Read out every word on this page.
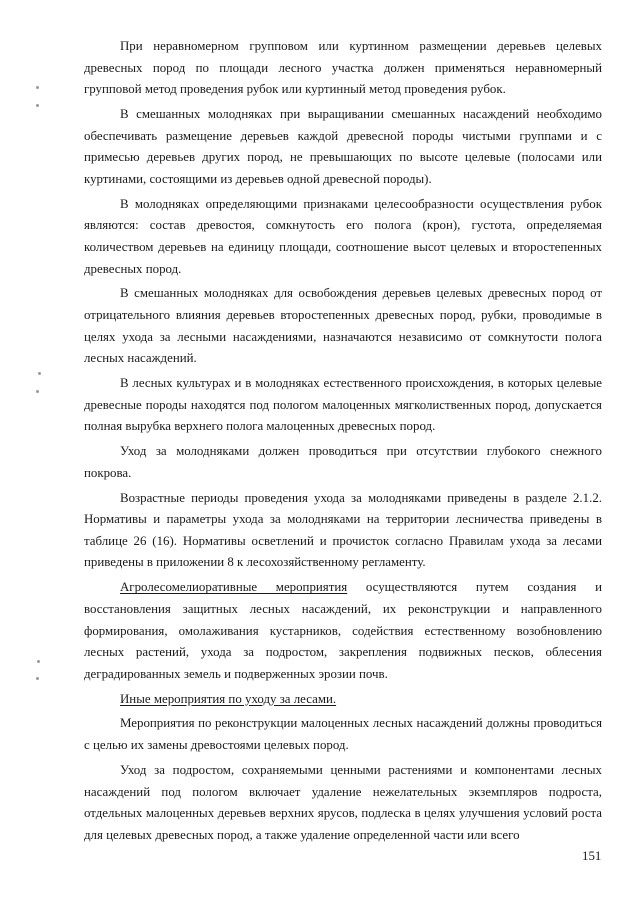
При неравномерном групповом или куртинном размещении деревьев целевых древесных пород по площади лесного участка должен применяться неравномерный групповой метод проведения рубок или куртинный метод проведения рубок.

В смешанных молодняках при выращивании смешанных насаждений необходимо обеспечивать размещение деревьев каждой древесной породы чистыми группами и с примесью деревьев других пород, не превышающих по высоте целевые (полосами или куртинами, состоящими из деревьев одной древесной породы).

В молодняках определяющими признаками целесообразности осуществления рубок являются: состав древостоя, сомкнутость его полога (крон), густота, определяемая количеством деревьев на единицу площади, соотношение высот целевых и второстепенных древесных пород.

В смешанных молодняках для освобождения деревьев целевых древесных пород от отрицательного влияния деревьев второстепенных древесных пород, рубки, проводимые в целях ухода за лесными насаждениями, назначаются независимо от сомкнутости полога лесных насаждений.

В лесных культурах и в молодняках естественного происхождения, в которых целевые древесные породы находятся под пологом малоценных мягколиственных пород, допускается полная вырубка верхнего полога малоценных древесных пород.

Уход за молодняками должен проводиться при отсутствии глубокого снежного покрова.

Возрастные периоды проведения ухода за молодняками приведены в разделе 2.1.2. Нормативы и параметры ухода за молодняками на территории лесничества приведены в таблице 26 (16). Нормативы осветлений и прочисток согласно Правилам ухода за лесами приведены в приложении 8 к лесохозяйственному регламенту.

Агролесомелиоративные мероприятия осуществляются путем создания и восстановления защитных лесных насаждений, их реконструкции и направленного формирования, омолаживания кустарников, содействия естественному возобновлению лесных растений, ухода за подростом, закрепления подвижных песков, облесения деградированных земель и подверженных эрозии почв.

Иные мероприятия по уходу за лесами.

Мероприятия по реконструкции малоценных лесных насаждений должны проводиться с целью их замены древостоями целевых пород.

Уход за подростом, сохраняемыми ценными растениями и компонентами лесных насаждений под пологом включает удаление нежелательных экземпляров подроста, отдельных малоценных деревьев верхних ярусов, подлеска в целях улучшения условий роста для целевых древесных пород, а также удаление определенной части или всего

151
